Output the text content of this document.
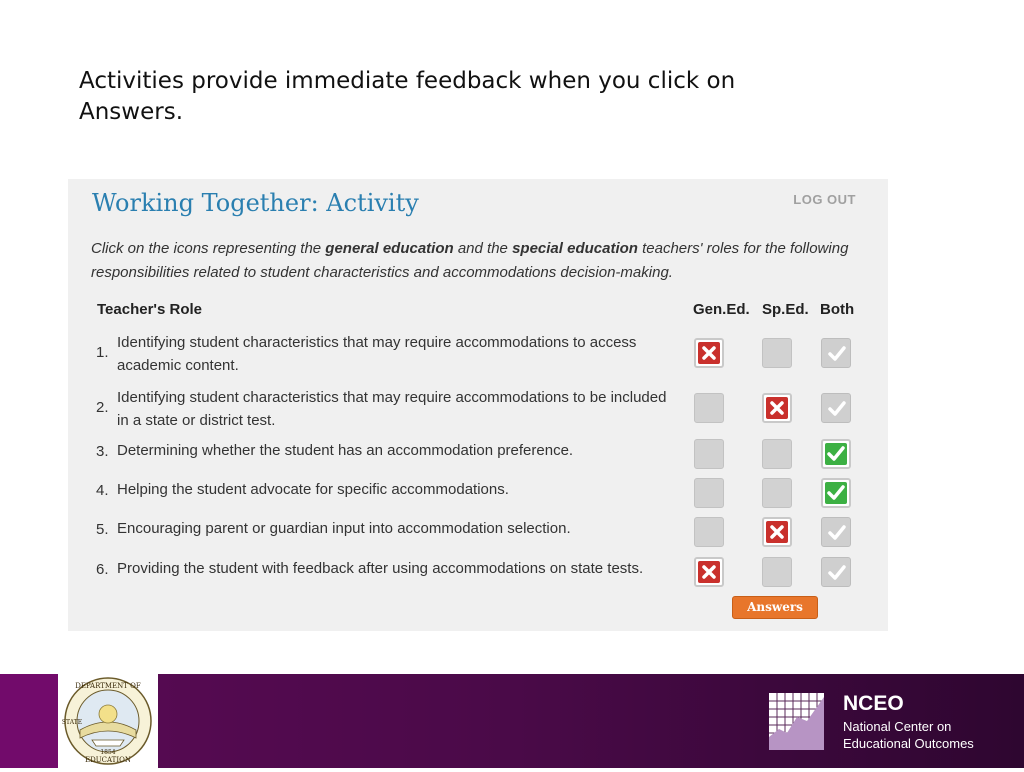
Activities provide immediate feedback when you click on Answers.
Working Together: Activity	LOG OUT
Click on the icons representing the general education and the special education teachers' roles for the following responsibilities related to student characteristics and accommodations decision-making.
Teacher's Role	Gen.Ed. Sp.Ed. Both
1.
Identifying student characteristics that may require accommodations to access academic content.
2.
Identifying student characteristics that may require accommodations to be included in a state or district test.
3. Determining whether the student has an accommodation preference.
4. Helping the student advocate for specific accommodations.
5. Encouraging parent or guardian input into accommodation selection.
6. Providing the student with feedback after using accommodations on state tests.
Answers
DEPARTMENT OF
STATE
EDUCATION
1854
NCEO
National Center on
Educational Outcomes
